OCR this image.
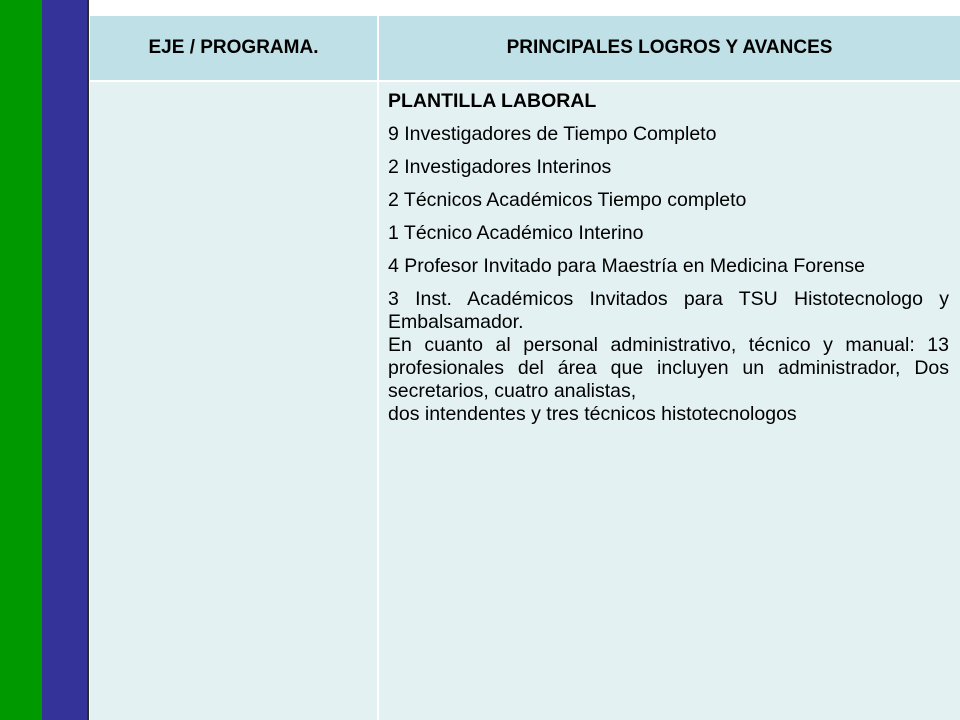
EJE / PROGRAMA.	PRINCIPALES LOGROS Y AVANCES

PLANTILLA LABORAL

9 Investigadores de Tiempo Completo

2 Investigadores Interinos

2 Técnicos Académicos Tiempo completo

1 Técnico Académico Interino

4 Profesor Invitado para Maestría en Medicina Forense

3 Inst. Académicos Invitados para TSU Histotecnologo y Embalsamador.

En cuanto al personal administrativo, técnico y manual: 13 profesionales del área que incluyen un administrador, Dos secretarios, cuatro analistas,

dos intendentes y tres técnicos histotecnologos
